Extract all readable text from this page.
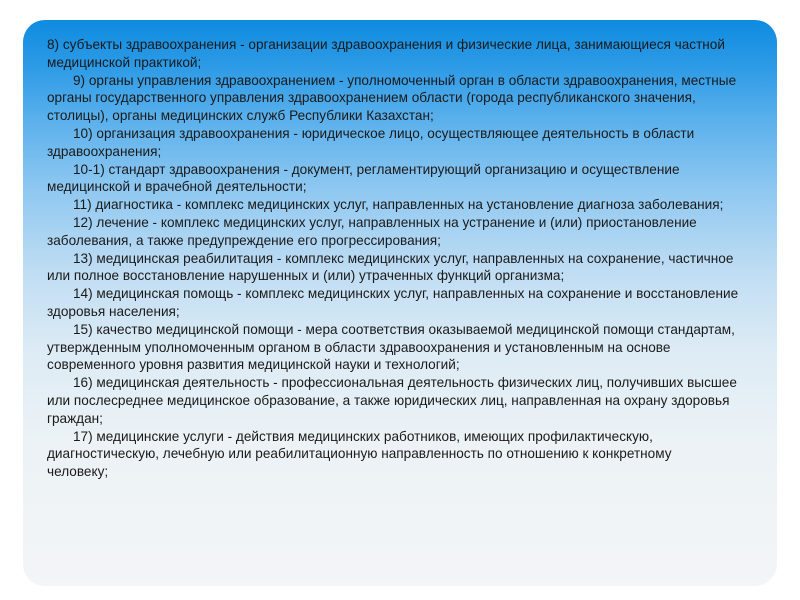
8) субъекты здравоохранения - организации здравоохранения и физические лица, занимающиеся частной медицинской практикой;

9) органы управления здравоохранением - уполномоченный орган в области здравоохранения, местные органы государственного управления здравоохранением области (города республиканского значения, столицы), органы медицинских служб Республики Казахстан;

10) организация здравоохранения - юридическое лицо, осуществляющее деятельность в области здравоохранения;

10-1) стандарт здравоохранения - документ, регламентирующий организацию и осуществление медицинской и врачебной деятельности;

11) диагностика - комплекс медицинских услуг, направленных на установление диагноза заболевания;

12) лечение - комплекс медицинских услуг, направленных на устранение и (или) приостановление заболевания, а также предупреждение его прогрессирования;

13) медицинская реабилитация - комплекс медицинских услуг, направленных на сохранение, частичное или полное восстановление нарушенных и (или) утраченных функций организма;

14) медицинская помощь - комплекс медицинских услуг, направленных на сохранение и восстановление здоровья населения;

15) качество медицинской помощи - мера соответствия оказываемой медицинской помощи стандартам, утвержденным уполномоченным органом в области здравоохранения и установленным на основе современного уровня развития медицинской науки и технологий;

16) медицинская деятельность - профессиональная деятельность физических лиц, получивших высшее или послесреднее медицинское образование, а также юридических лиц, направленная на охрану здоровья граждан;

17) медицинские услуги - действия медицинских работников, имеющих профилактическую, диагностическую, лечебную или реабилитационную направленность по отношению к конкретному

человеку;
